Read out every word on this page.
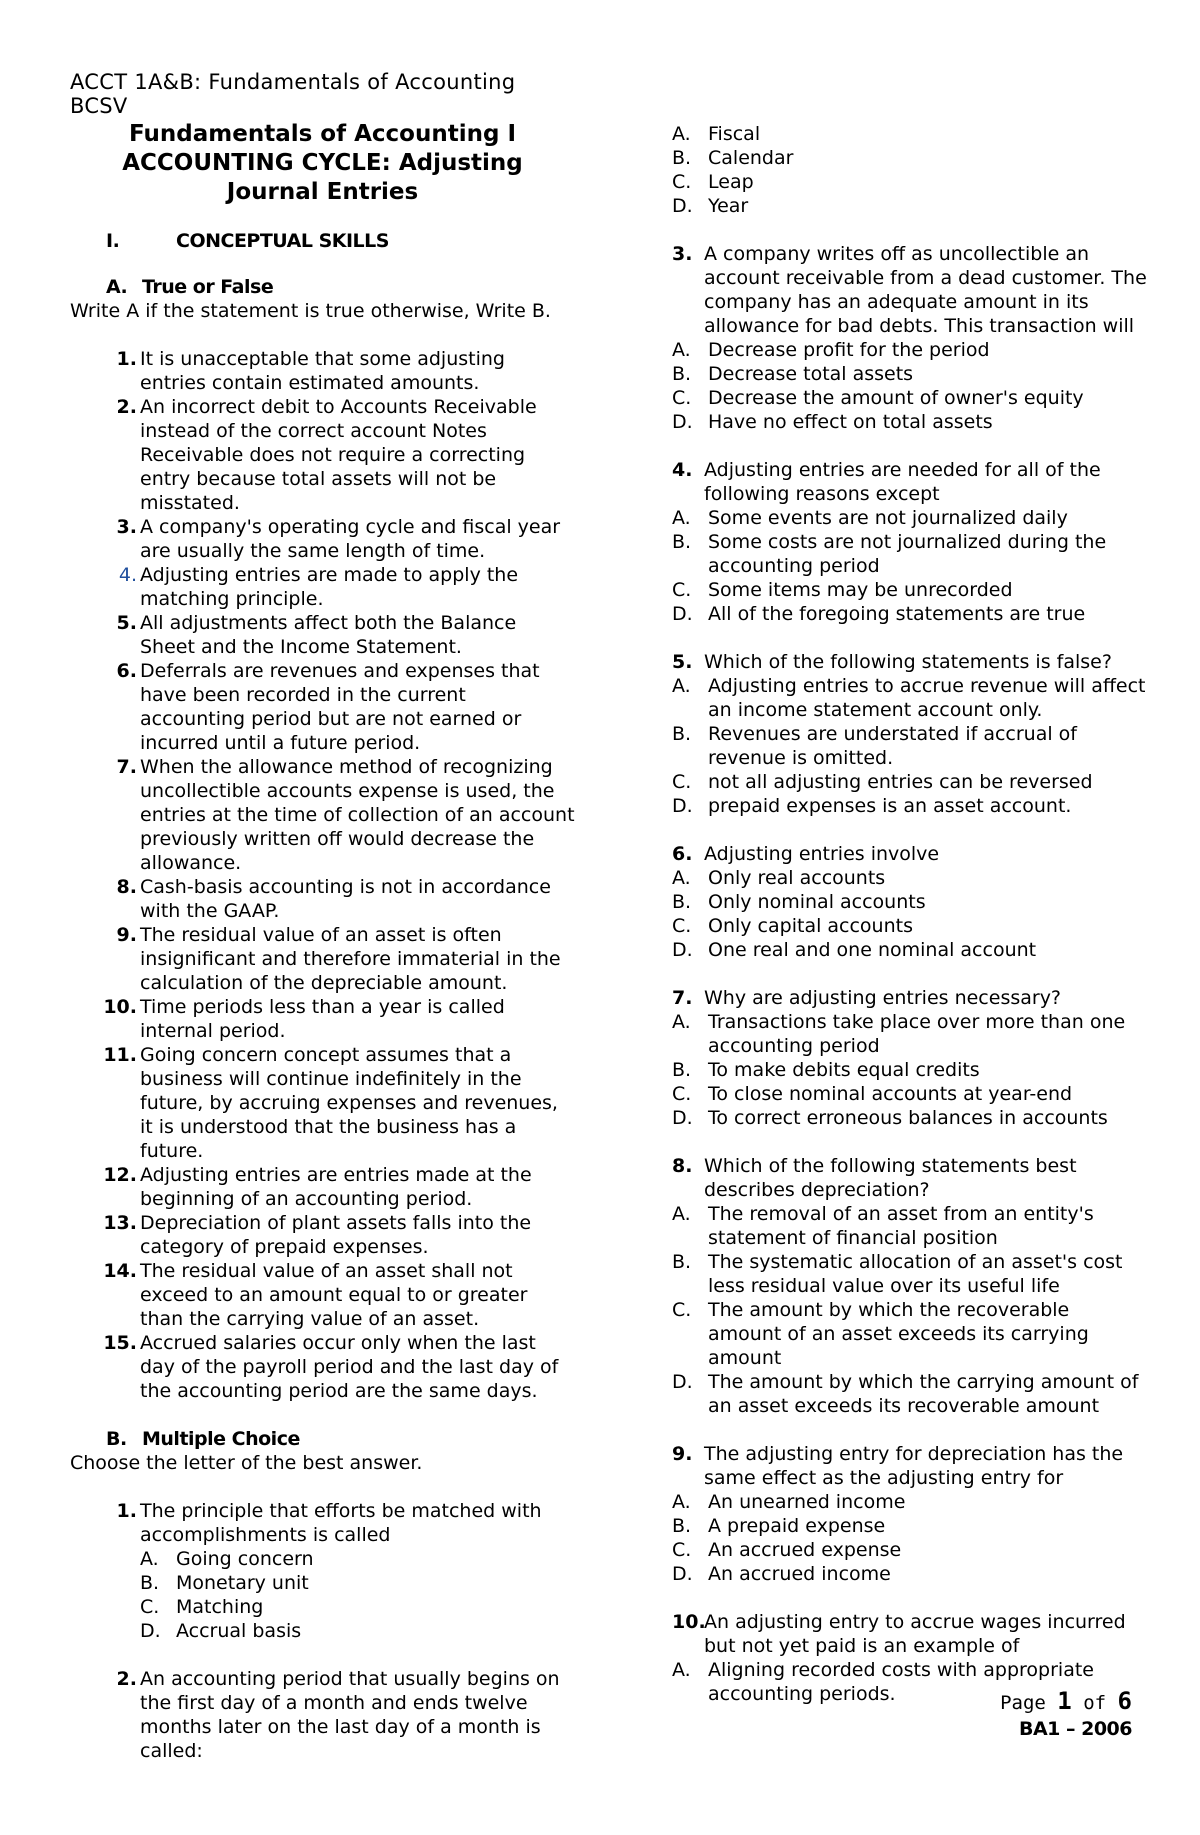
ACCT 1A&B: Fundamentals of Accounting
BCSV
Fundamentals of Accounting I
ACCOUNTING CYCLE: Adjusting
Journal Entries
I.	CONCEPTUAL SKILLS
A. True or False
Write A if the statement is true otherwise, Write B.
1. It is unacceptable that some adjusting entries contain estimated amounts.
2. An incorrect debit to Accounts Receivable instead of the correct account Notes Receivable does not require a correcting entry because total assets will not be misstated.
3. A company's operating cycle and fiscal year are usually the same length of time.
4. Adjusting entries are made to apply the matching principle.
5. All adjustments affect both the Balance Sheet and the Income Statement.
6. Deferrals are revenues and expenses that have been recorded in the current accounting period but are not earned or incurred until a future period.
7. When the allowance method of recognizing uncollectible accounts expense is used, the entries at the time of collection of an account previously written off would decrease the allowance.
8. Cash-basis accounting is not in accordance with the GAAP.
9. The residual value of an asset is often insignificant and therefore immaterial in the calculation of the depreciable amount.
10. Time periods less than a year is called internal period.
11. Going concern concept assumes that a business will continue indefinitely in the future, by accruing expenses and revenues, it is understood that the business has a future.
12. Adjusting entries are entries made at the beginning of an accounting period.
13. Depreciation of plant assets falls into the category of prepaid expenses.
14. The residual value of an asset shall not exceed to an amount equal to or greater than the carrying value of an asset.
15. Accrued salaries occur only when the last day of the payroll period and the last day of the accounting period are the same days.
B. Multiple Choice
Choose the letter of the best answer.
1. The principle that efforts be matched with accomplishments is called
A. Going concern
B. Monetary unit
C. Matching
D. Accrual basis
2. An accounting period that usually begins on the first day of a month and ends twelve months later on the last day of a month is called:
A. Fiscal
B. Calendar
C. Leap
D. Year
3. A company writes off as uncollectible an account receivable from a dead customer. The company has an adequate amount in its allowance for bad debts. This transaction will
A. Decrease profit for the period
B. Decrease total assets
C. Decrease the amount of owner's equity
D. Have no effect on total assets
4. Adjusting entries are needed for all of the following reasons except
A. Some events are not journalized daily
B. Some costs are not journalized during the accounting period
C. Some items may be unrecorded
D. All of the foregoing statements are true
5. Which of the following statements is false?
A. Adjusting entries to accrue revenue will affect an income statement account only.
B. Revenues are understated if accrual of revenue is omitted.
C. not all adjusting entries can be reversed
D. prepaid expenses is an asset account.
6. Adjusting entries involve
A. Only real accounts
B. Only nominal accounts
C. Only capital accounts
D. One real and one nominal account
7. Why are adjusting entries necessary?
A. Transactions take place over more than one accounting period
B. To make debits equal credits
C. To close nominal accounts at year-end
D. To correct erroneous balances in accounts
8. Which of the following statements best describes depreciation?
A. The removal of an asset from an entity's statement of financial position
B. The systematic allocation of an asset's cost less residual value over its useful life
C. The amount by which the recoverable amount of an asset exceeds its carrying amount
D. The amount by which the carrying amount of an asset exceeds its recoverable amount
9. The adjusting entry for depreciation has the same effect as the adjusting entry for
A. An unearned income
B. A prepaid expense
C. An accrued expense
D. An accrued income
10.
An adjusting entry to accrue wages incurred but not yet paid is an example of
A. Aligning recorded costs with appropriate accounting periods.	Page 1 of 6
BA1 – 2006
